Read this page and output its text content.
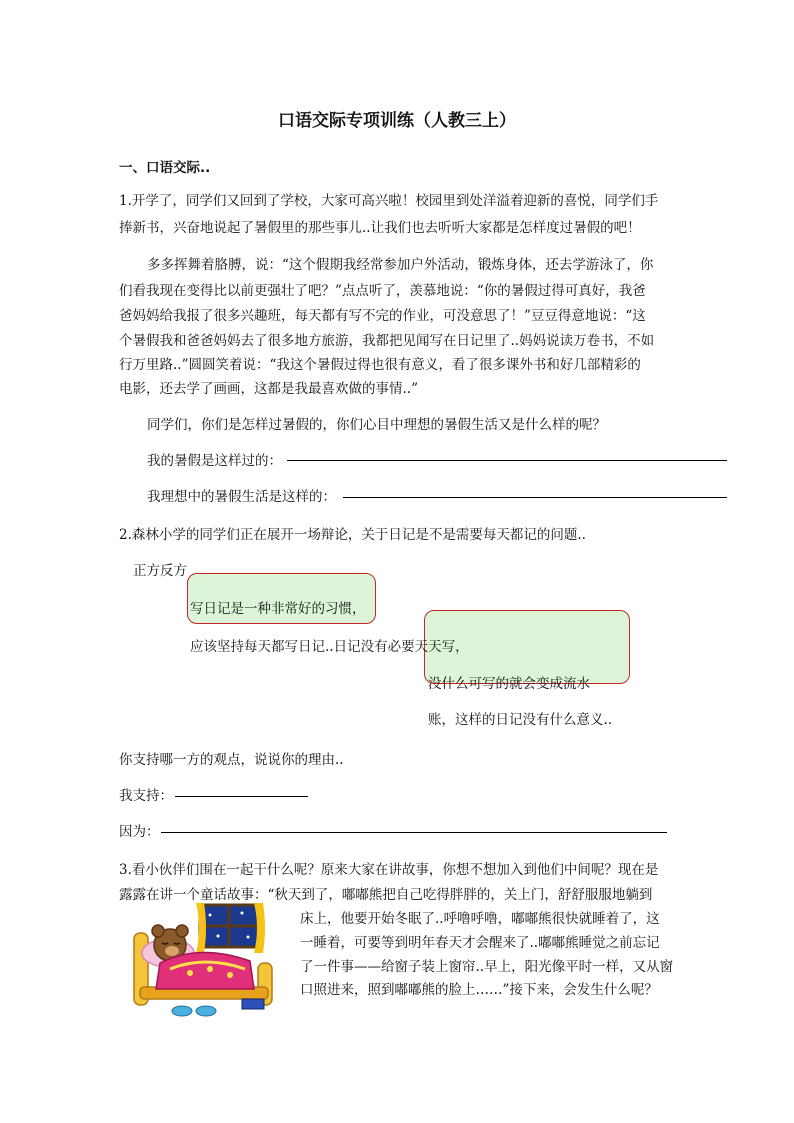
口语交际专项训练（人教三上）
一、口语交际..
1.开学了，同学们又回到了学校，大家可高兴啦！校园里到处洋溢着迎新的喜悦，同学们手
捧新书，兴奋地说起了暑假里的那些事儿..让我们也去听听大家都是怎样度过暑假的吧！
多多挥舞着胳膊，说：“这个假期我经常参加户外活动，锻炼身体，还去学游泳了，你
们看我现在变得比以前更强壮了吧？”点点听了，羡慕地说：“你的暑假过得可真好，我爸
爸妈妈给我报了很多兴趣班，每天都有写不完的作业，可没意思了！”豆豆得意地说：“这
个暑假我和爸爸妈妈去了很多地方旅游，我都把见闻写在日记里了..妈妈说读万卷书，不如
行万里路..”圆圆笑着说：“我这个暑假过得也很有意义，看了很多课外书和好几部精彩的
电影，还去学了画画，这都是我最喜欢做的事情..”
同学们，你们是怎样过暑假的，你们心目中理想的暑假生活又是什么样的呢？
我的暑假是这样过的：
我理想中的暑假生活是这样的：
2.森林小学的同学们正在展开一场辩论，关于日记是不是需要每天都记的问题..
正方反方
写日记是一种非常好的习惯，
应该坚持每天都写日记..日记没有必要天天写，
没什么可写的就会变成流水
账，这样的日记没有什么意义..
你支持哪一方的观点，说说你的理由..
我支持：
因为：
3.看小伙伴们围在一起干什么呢？原来大家在讲故事，你想不想加入到他们中间呢？现在是
露露在讲一个童话故事：“秋天到了，嘟嘟熊把自己吃得胖胖的，关上门，舒舒服服地躺到
床上，他要开始冬眠了..呼噜呼噜，嘟嘟熊很快就睡着了，这
一睡着，可要等到明年春天才会醒来了..嘟嘟熊睡觉之前忘记
了一件事——给窗子装上窗帘..早上，阳光像平时一样，又从窗
口照进来，照到嘟嘟熊的脸上……”接下来，会发生什么呢？
